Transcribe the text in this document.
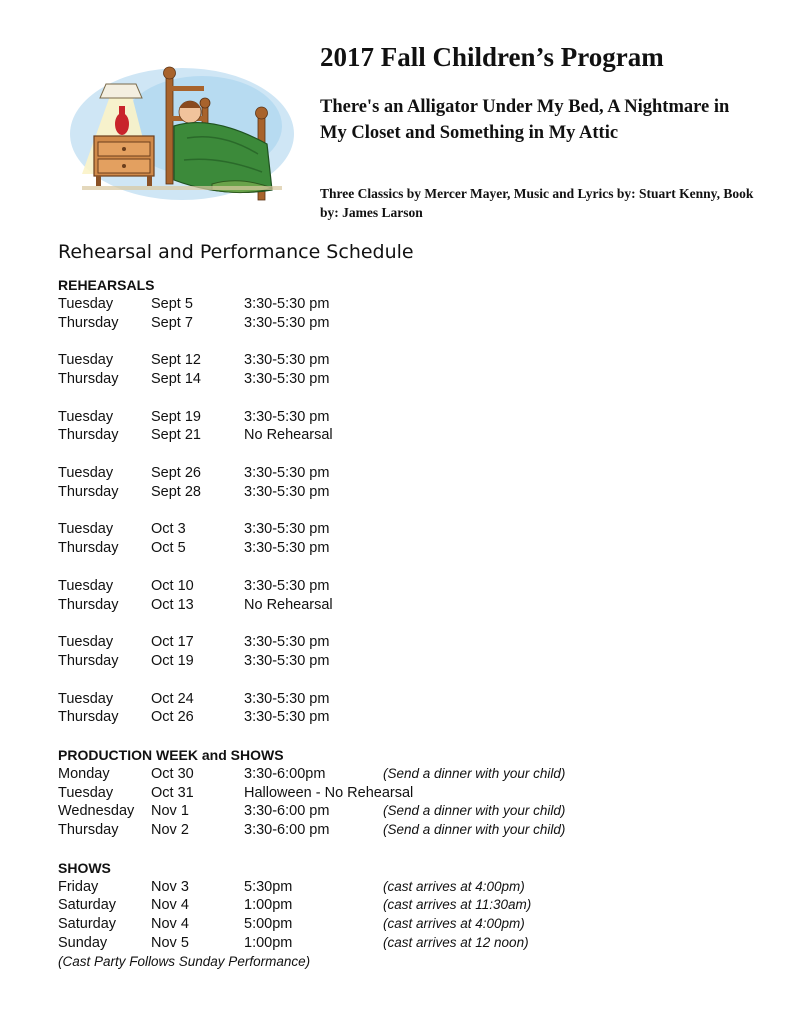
2017 Fall Children’s Program
There's an Alligator Under My Bed, A Nightmare in My Closet and Something in My Attic

Three Classics by Mercer Mayer, Music and Lyrics by: Stuart Kenny, Book by: James Larson

Rehearsal and Performance Schedule
REHEARSALS
Tuesday	Sept 5	3:30-5:30 pm
Thursday	Sept 7	3:30-5:30 pm
Tuesday	Sept 12	3:30-5:30 pm
Thursday	Sept 14	3:30-5:30 pm
Tuesday	Sept 19	3:30-5:30 pm
Thursday	Sept 21	No Rehearsal
Tuesday	Sept 26	3:30-5:30 pm
Thursday	Sept 28	3:30-5:30 pm
Tuesday	Oct 3	3:30-5:30 pm
Thursday	Oct 5	3:30-5:30 pm
Tuesday	Oct 10	3:30-5:30 pm
Thursday	Oct 13	No Rehearsal
Tuesday	Oct 17	3:30-5:30 pm
Thursday	Oct 19	3:30-5:30 pm
Tuesday	Oct 24	3:30-5:30 pm
Thursday	Oct 26	3:30-5:30 pm
PRODUCTION WEEK and SHOWS
Monday	Oct 30	3:30-6:00pm	(Send a dinner with your child)
Tuesday	Oct 31	Halloween - No Rehearsal
Wednesday	Nov 1	3:30-6:00 pm	(Send a dinner with your child)
Thursday	Nov 2	3:30-6:00 pm	(Send a dinner with your child)
SHOWS
Friday	Nov 3	5:30pm	(cast arrives at 4:00pm)
Saturday	Nov 4	1:00pm	(cast arrives at 11:30am)
Saturday	Nov 4	5:00pm	(cast arrives at 4:00pm)
Sunday	Nov 5	1:00pm	(cast arrives at 12 noon)
(Cast Party Follows Sunday Performance)
